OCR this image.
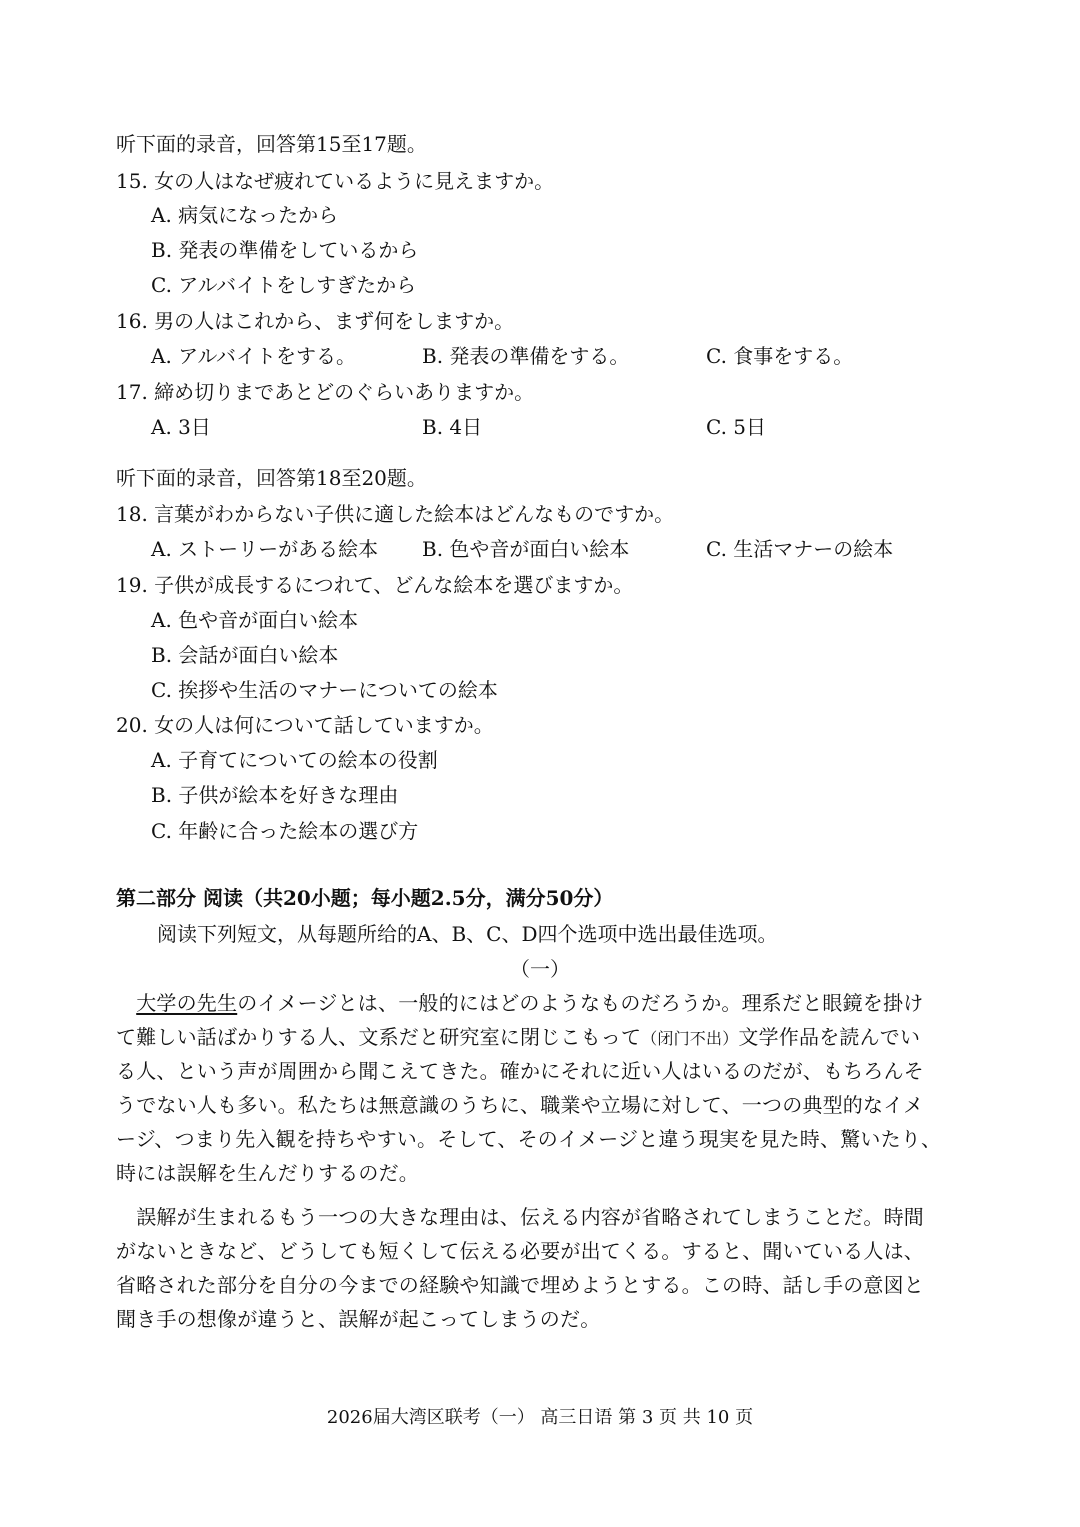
听下面的录音，回答第15至17题。
15. 女の人はなぜ疲れているように見えますか。
A. 病気になったから
B. 発表の準備をしているから
C. アルバイトをしすぎたから
16. 男の人はこれから、まず何をしますか。
A. アルバイトをする。	B. 発表の準備をする。	C. 食事をする。
17. 締め切りまであとどのぐらいありますか。
A. 3日	B. 4日	C. 5日
听下面的录音，回答第18至20题。
18. 言葉がわからない子供に適した絵本はどんなものですか。
A. ストーリーがある絵本 B. 色や音が面白い絵本	C. 生活マナーの絵本
19. 子供が成長するにつれて、どんな絵本を選びますか。
A. 色や音が面白い絵本
B. 会話が面白い絵本
C. 挨拶や生活のマナーについての絵本
20. 女の人は何について話していますか。
A. 子育てについての絵本の役割
B. 子供が絵本を好きな理由
C. 年齢に合った絵本の選び方
第二部分 阅读（共20小题；每小题2.5分，满分50分）
阅读下列短文，从每题所给的A、B、C、D四个选项中选出最佳选项。
（一）
　大学の先生のイメージとは、一般的にはどのようなものだろうか。理系だと眼鏡を掛け
て難しい話ばかりする人、文系だと研究室に閉じこもって（闭门不出）文学作品を読んでい
る人、という声が周囲から聞こえてきた。確かにそれに近い人はいるのだが、もちろんそ
うでない人も多い。私たちは無意識のうちに、職業や立場に対して、一つの典型的なイメ
ージ、つまり先入観を持ちやすい。そして、そのイメージと違う現実を見た時、驚いたり、
時には誤解を生んだりするのだ。
　誤解が生まれるもう一つの大きな理由は、伝える内容が省略されてしまうことだ。時間
がないときなど、どうしても短くして伝える必要が出てくる。すると、聞いている人は、
省略された部分を自分の今までの経験や知識で埋めようとする。この時、話し手の意図と
聞き手の想像が違うと、誤解が起こってしまうのだ。
2026届大湾区联考（一） 高三日语 第 3 页 共 10 页
